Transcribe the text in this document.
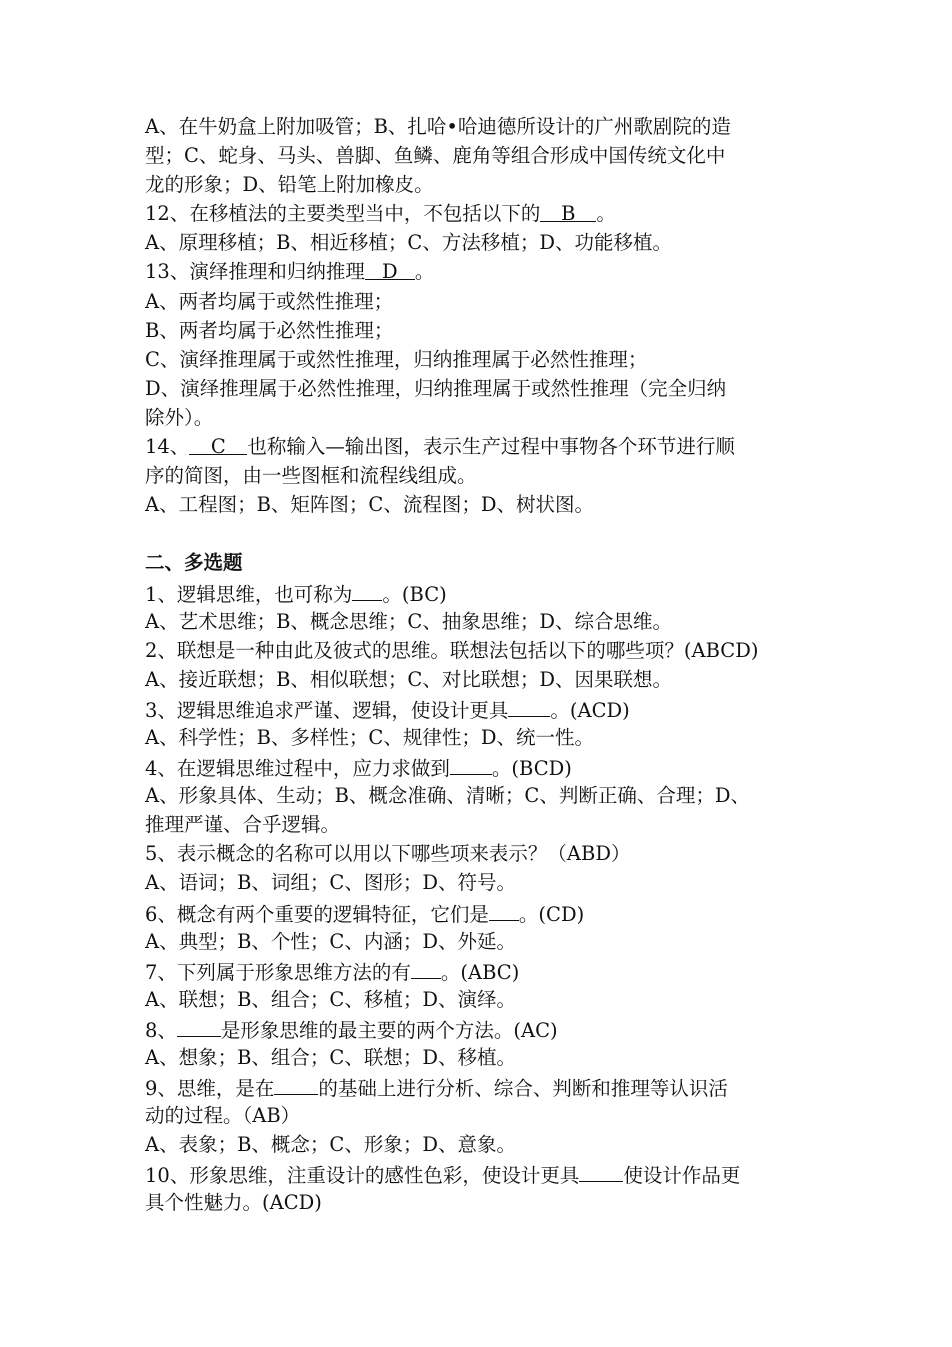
A、在牛奶盒上附加吸管；B、扎哈•哈迪德所设计的广州歌剧院的造
型；C、蛇身、马头、兽脚、鱼鳞、鹿角等组合形成中国传统文化中
龙的形象；D、铅笔上附加橡皮。
12、在移植法的主要类型当中，不包括以下的 B 。
A、原理移植；B、相近移植；C、方法移植；D、功能移植。
13、演绎推理和归纳推理 D 。
A、两者均属于或然性推理；
B、两者均属于必然性推理；
C、演绎推理属于或然性推理，归纳推理属于必然性推理；
D、演绎推理属于必然性推理，归纳推理属于或然性推理（完全归纳
除外）。
14、 C 也称输入—输出图，表示生产过程中事物各个环节进行顺
序的简图，由一些图框和流程线组成。
A、工程图；B、矩阵图；C、流程图；D、树状图。
二、多选题
1、逻辑思维，也可称为 。(BC)
A、艺术思维；B、概念思维；C、抽象思维；D、综合思维。
2、联想是一种由此及彼式的思维。联想法包括以下的哪些项？(ABCD)
A、接近联想；B、相似联想；C、对比联想；D、因果联想。
3、逻辑思维追求严谨、逻辑，使设计更具 。(ACD)
A、科学性；B、多样性；C、规律性；D、统一性。
4、在逻辑思维过程中，应力求做到 。(BCD)
A、形象具体、生动；B、概念准确、清晰；C、判断正确、合理；D、
推理严谨、合乎逻辑。
5、表示概念的名称可以用以下哪些项来表示？（ABD）
A、语词；B、词组；C、图形；D、符号。
6、概念有两个重要的逻辑特征，它们是 。(CD)
A、典型；B、个性；C、内涵；D、外延。
7、下列属于形象思维方法的有 。(ABC)
A、联想；B、组合；C、移植；D、演绎。
8、 是形象思维的最主要的两个方法。(AC)
A、想象；B、组合；C、联想；D、移植。
9、思维，是在 的基础上进行分析、综合、判断和推理等认识活
动的过程。（AB）
A、表象；B、概念；C、形象；D、意象。
10、形象思维，注重设计的感性色彩，使设计更具 使设计作品更
具个性魅力。(ACD)
